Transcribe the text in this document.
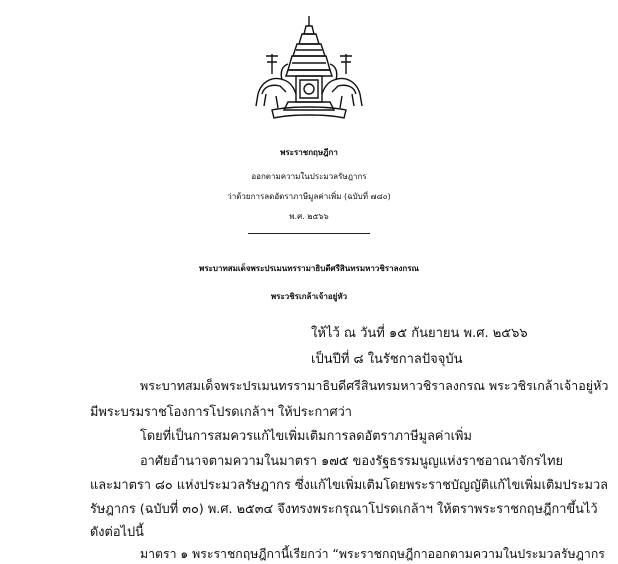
พระราชกฤษฎีกา
ออกตามความในประมวลรัษฎากร
ว่าด้วยการลดอัตราภาษีมูลค่าเพิ่ม (ฉบับที่ ๗๘๐)
พ.ศ. ๒๕๖๖
พระบาทสมเด็จพระปรเมนทรรามาธิบดีศรีสินทรมหาวชิราลงกรณ
พระวชิรเกล้าเจ้าอยู่หัว
ให้ไว้ ณ วันที่ ๑๕ กันยายน พ.ศ. ๒๕๖๖
เป็นปีที่ ๘ ในรัชกาลปัจจุบัน
พระบาทสมเด็จพระปรเมนทรรามาธิบดีศรีสินทรมหาวชิราลงกรณ พระวชิรเกล้าเจ้าอยู่หัว
มีพระบรมราชโองการโปรดเกล้าฯ ให้ประกาศว่า
โดยที่เป็นการสมควรแก้ไขเพิ่มเติมการลดอัตราภาษีมูลค่าเพิ่ม
อาศัยอำนาจตามความในมาตรา ๑๗๕ ของรัฐธรรมนูญแห่งราชอาณาจักรไทย
และมาตรา ๘๐ แห่งประมวลรัษฎากร ซึ่งแก้ไขเพิ่มเติมโดยพระราชบัญญัติแก้ไขเพิ่มเติมประมวล
รัษฎากร (ฉบับที่ ๓๐) พ.ศ. ๒๕๓๔ จึงทรงพระกรุณาโปรดเกล้าฯ ให้ตราพระราชกฤษฎีกาขึ้นไว้
ดังต่อไปนี้
มาตรา ๑ พระราชกฤษฎีกานี้เรียกว่า “พระราชกฤษฎีกาออกตามความในประมวลรัษฎากร
